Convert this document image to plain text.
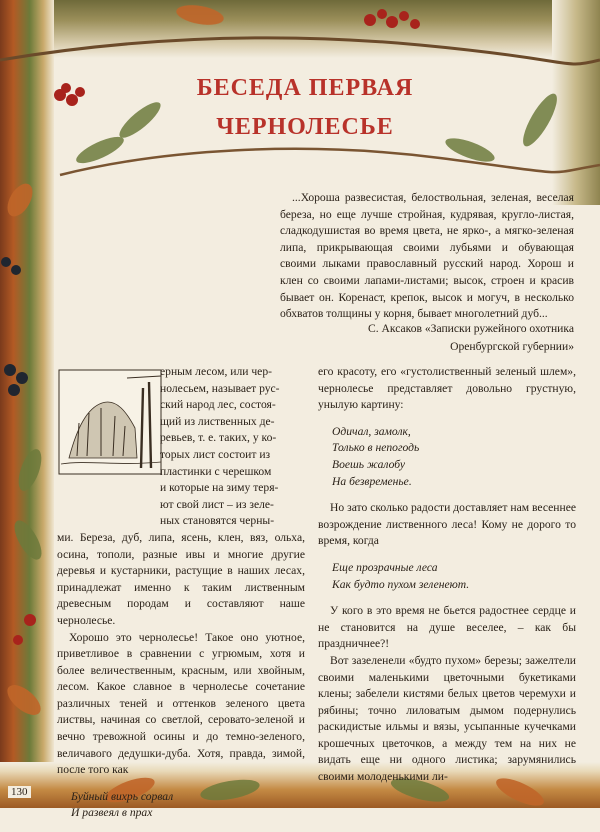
БЕСЕДА ПЕРВАЯ
ЧЕРНОЛЕСЬЕ
...Хороша развесистая, белоствольная, зеленая, веселая береза, но еще лучше стройная, кудрявая, кругло-листая, сладкодушистая во время цвета, не ярко-, а мягко-зеленая липа, прикрывающая своими лубьями и обувающая своими лыками православный русский народ. Хорош и клен со своими лапами-листами; высок, строен и красив бывает он. Коренаст, крепок, высок и могуч, в несколько обхватов толщины у корня, бывает многолетний дуб...
С. Аксаков «Записки ружейного охотника
Оренбургской губернии»
ерным лесом, или чер-
нолесьем, называет рус-
ский народ лес, состоя-
щий из лиственных де-
ревьев, т. е. таких, у ко-
торых лист состоит из
пластинки с черешком
и которые на зиму теря-
ют свой лист – из зеле-
ных становятся черны-

ми. Береза, дуб, липа, ясень, клен, вяз, ольха, осина, тополи, разные ивы и многие другие деревья и кустарники, растущие в наших лесах, принадлежат именно к таким лиственным древесным породам и составляют наше чернолесье.

Хорошо это чернолесье! Такое оно уютное, приветливое в сравнении с угрюмым, хотя и более величественным, красным, или хвойным, лесом. Какое славное в чернолесье сочетание различных теней и оттенков зеленого цвета листвы, начиная со светлой, серовато-зеленой и вечно тревожной осины и до темно-зеленого, величавого дедушки-дуба. Хотя, правда, зимой, после того как

Буйный вихрь сорвал

И развеял в прах

его красоту, его «густолиственный зеленый шлем», чернолесье представляет довольно грустную, унылую картину:

Одичал, замолк,

Только в непогодь

Воешь жалобу

На безвременье.

Но зато сколько радости доставляет нам весеннее возрождение лиственного леса! Кому не дорого то время, когда

Еще прозрачные леса

Как будто пухом зеленеют.

У кого в это время не бьется радостнее сердце и не становится на душе веселее, – как бы праздничнее?!

Вот зазеленели «будто пухом» березы; зажелтели своими маленькими цветочными букетиками клены; забелели кистями белых цветов черемухи и рябины; точно лиловатым дымом подернулись раскидистые ильмы и вязы, усыпанные кучечками крошечных цветочков, а между тем на них не видать еще ни одного листика; зарумянились своими молоденькими ли-

130
